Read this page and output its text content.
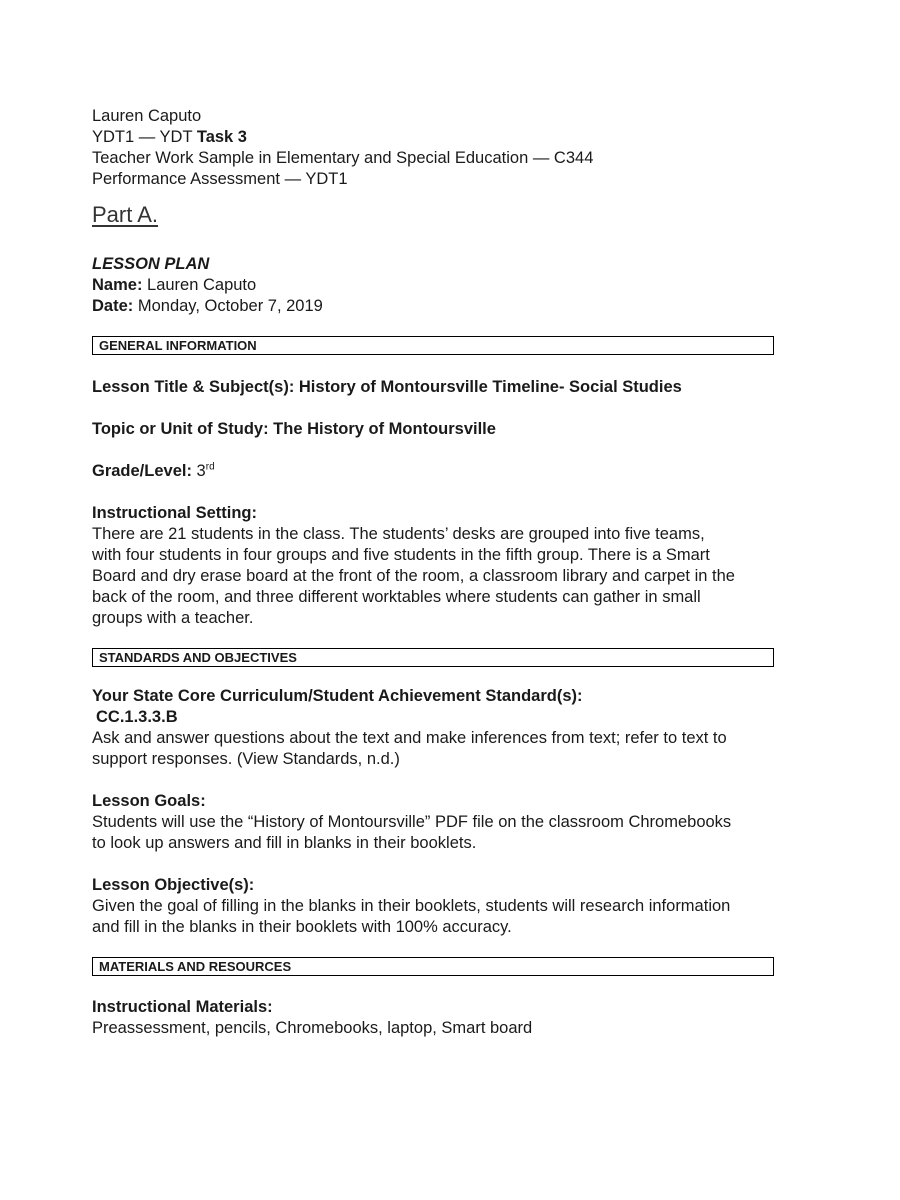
Lauren Caputo

YDT1 — YDT Task 3

Teacher Work Sample in Elementary and Special Education — C344

Performance Assessment — YDT1

Part A.

LESSON PLAN

Name: Lauren Caputo

Date: Monday, October 7, 2019

GENERAL INFORMATION

Lesson Title & Subject(s): History of Montoursville Timeline- Social Studies

Topic or Unit of Study: The History of Montoursville

Grade/Level: 3rd

Instructional Setting:

There are 21 students in the class. The students’ desks are grouped into five teams,
with four students in four groups and five students in the fifth group. There is a Smart
Board and dry erase board at the front of the room, a classroom library and carpet in the
back of the room, and three different worktables where students can gather in small
groups with a teacher.
STANDARDS AND OBJECTIVES

Your State Core Curriculum/Student Achievement Standard(s):

CC.1.3.3.B

Ask and answer questions about the text and make inferences from text; refer to text to
support responses. (View Standards, n.d.)

Lesson Goals:

Students will use the “History of Montoursville” PDF file on the classroom Chromebooks
to look up answers and fill in blanks in their booklets.

Lesson Objective(s):

Given the goal of filling in the blanks in their booklets, students will research information
and fill in the blanks in their booklets with 100% accuracy.
MATERIALS AND RESOURCES

Instructional Materials:

Preassessment, pencils, Chromebooks, laptop, Smart board
